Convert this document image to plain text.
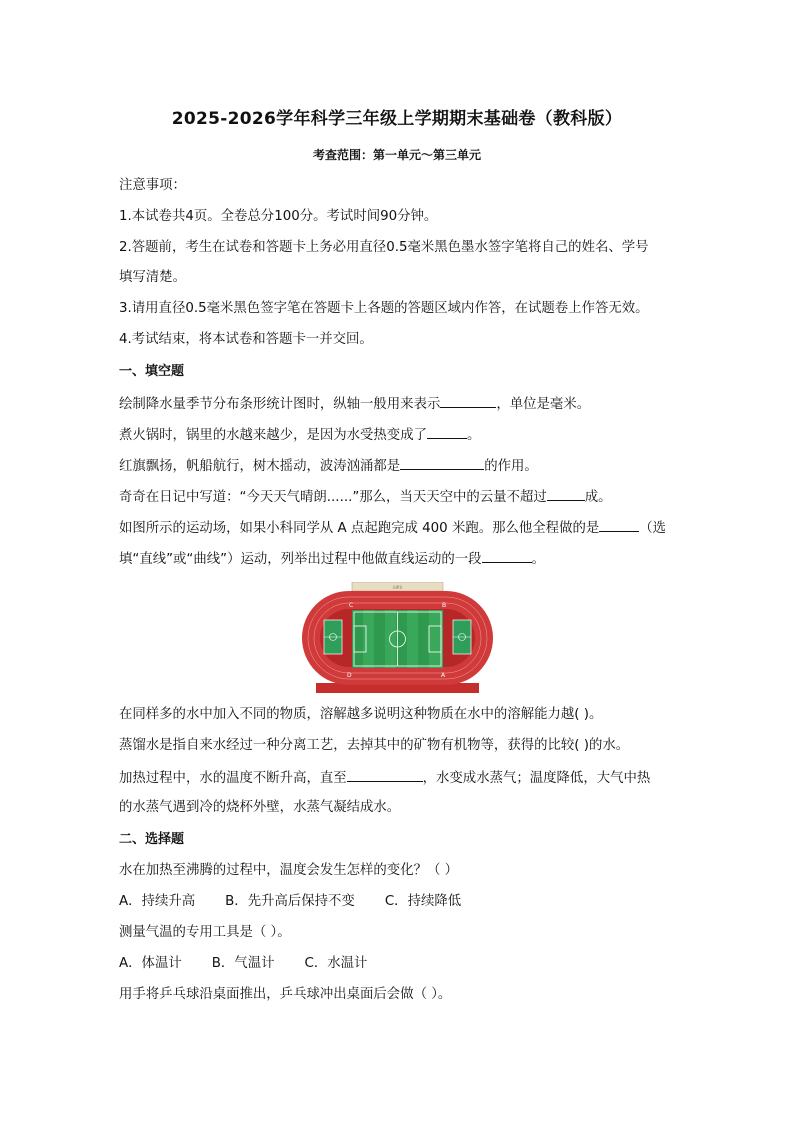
2025-2026学年科学三年级上学期期末基础卷（教科版）
考查范围：第一单元～第三单元
注意事项：
1.本试卷共4页。全卷总分100分。考试时间90分钟。
2.答题前，考生在试卷和答题卡上务必用直径0.5毫米黑色墨水签字笔将自己的姓名、学号
填写清楚。
3.请用直径0.5毫米黑色签字笔在答题卡上各题的答题区域内作答，在试题卷上作答无效。
4.考试结束，将本试卷和答题卡一并交回。
一、填空题
绘制降水量季节分布条形统计图时，纵轴一般用来表示	，单位是毫米。
煮火锅时，锅里的水越来越少，是因为水受热变成了	。
红旗飘扬，帆船航行，树木摇动，波涛汹涌都是	的作用。
奇奇在日记中写道：“今天天气晴朗......”那么，当天天空中的云量不超过	成。
如图所示的运动场，如果小科同学从 A 点起跑完成 400 米跑。那么他全程做的是	（选
填“直线”或“曲线”）运动，列举出过程中他做直线运动的一段	。
主席台
C	B
D	A
在同样多的水中加入不同的物质，溶解越多说明这种物质在水中的溶解能力越( )。
蒸馏水是指自来水经过一种分离工艺，去掉其中的矿物有机物等，获得的比较( )的水。
加热过程中，水的温度不断升高，直至	，水变成水蒸气；温度降低，大气中热
的水蒸气遇到冷的烧杯外壁，水蒸气凝结成水。
二、选择题
水在加热至沸腾的过程中，温度会发生怎样的变化？（ ）
A．持续升高 B．先升高后保持不变 C．持续降低
测量气温的专用工具是（ ）。
A．体温计 B．气温计 C．水温计
用手将乒乓球沿桌面推出，乒乓球冲出桌面后会做（ ）。
